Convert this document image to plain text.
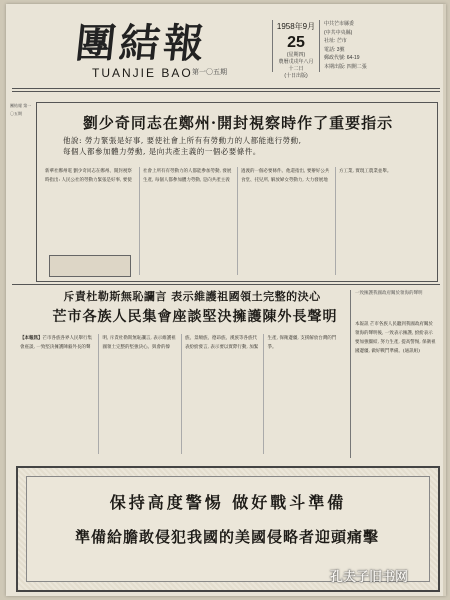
團結報
TUANJIE BAO 第一〇五期
1958年9月
25
(星期四)
農曆戊戌年八月
十二日
(十日出版)
中共芒市縣委
(中共中央縣)
社址: 芒市
電話: 3號
郵政代號: 64-19
本期出版: 四開二張
團結報 第一〇五期
劉少奇同志在鄭州·開封視察時作了重要指示
他說: 勞力緊張是好事, 要使社會上所有有勞動力的人都能進行勞動,
每個人都參加體力勞動, 是向共產主義的一個必要條件。
新華社鄭州電 劉少奇同志在鄭州、開封視察時指出: 人民公社的勞動力緊張是好事, 要使社會上所有有勞動力的人都能參加勞動, 發展生產, 每個人都參加體力勞動, 是向共產主義過渡的一個必要條件。他還指出, 要辦好公共食堂、托兒所, 解放婦女勞動力, 大力發展地方工業, 實現工農業並舉。
斥責杜勒斯無恥讕言 表示維護祖國領土完整的決心
芒市各族人民集會座談堅決擁護陳外長聲明
【本報訊】芒市各族各界人民舉行集會座談, 一致堅決擁護陳毅外長的聲明, 斥責杜勒斯無恥讕言, 表示維護祖國領土完整的堅強決心。與會的傣族、景頗族、德昂族、漢族等各族代表紛紛發言, 表示要以實際行動, 加緊生產, 保衛邊疆, 支援解放台灣的鬥爭。
一致擁護我國政府關於領海的聲明
本報訊 芒市各族人民聽到我國政府關於領海的聲明後, 一致表示擁護, 紛紛表示要加強團結, 努力生產, 提高警惕, 保衛祖國邊疆, 做好戰鬥準備。(通訊組)
保持高度警惕 做好戰斗準備
準備給膽敢侵犯我國的美國侵略者迎頭痛擊
孔夫子旧书网
